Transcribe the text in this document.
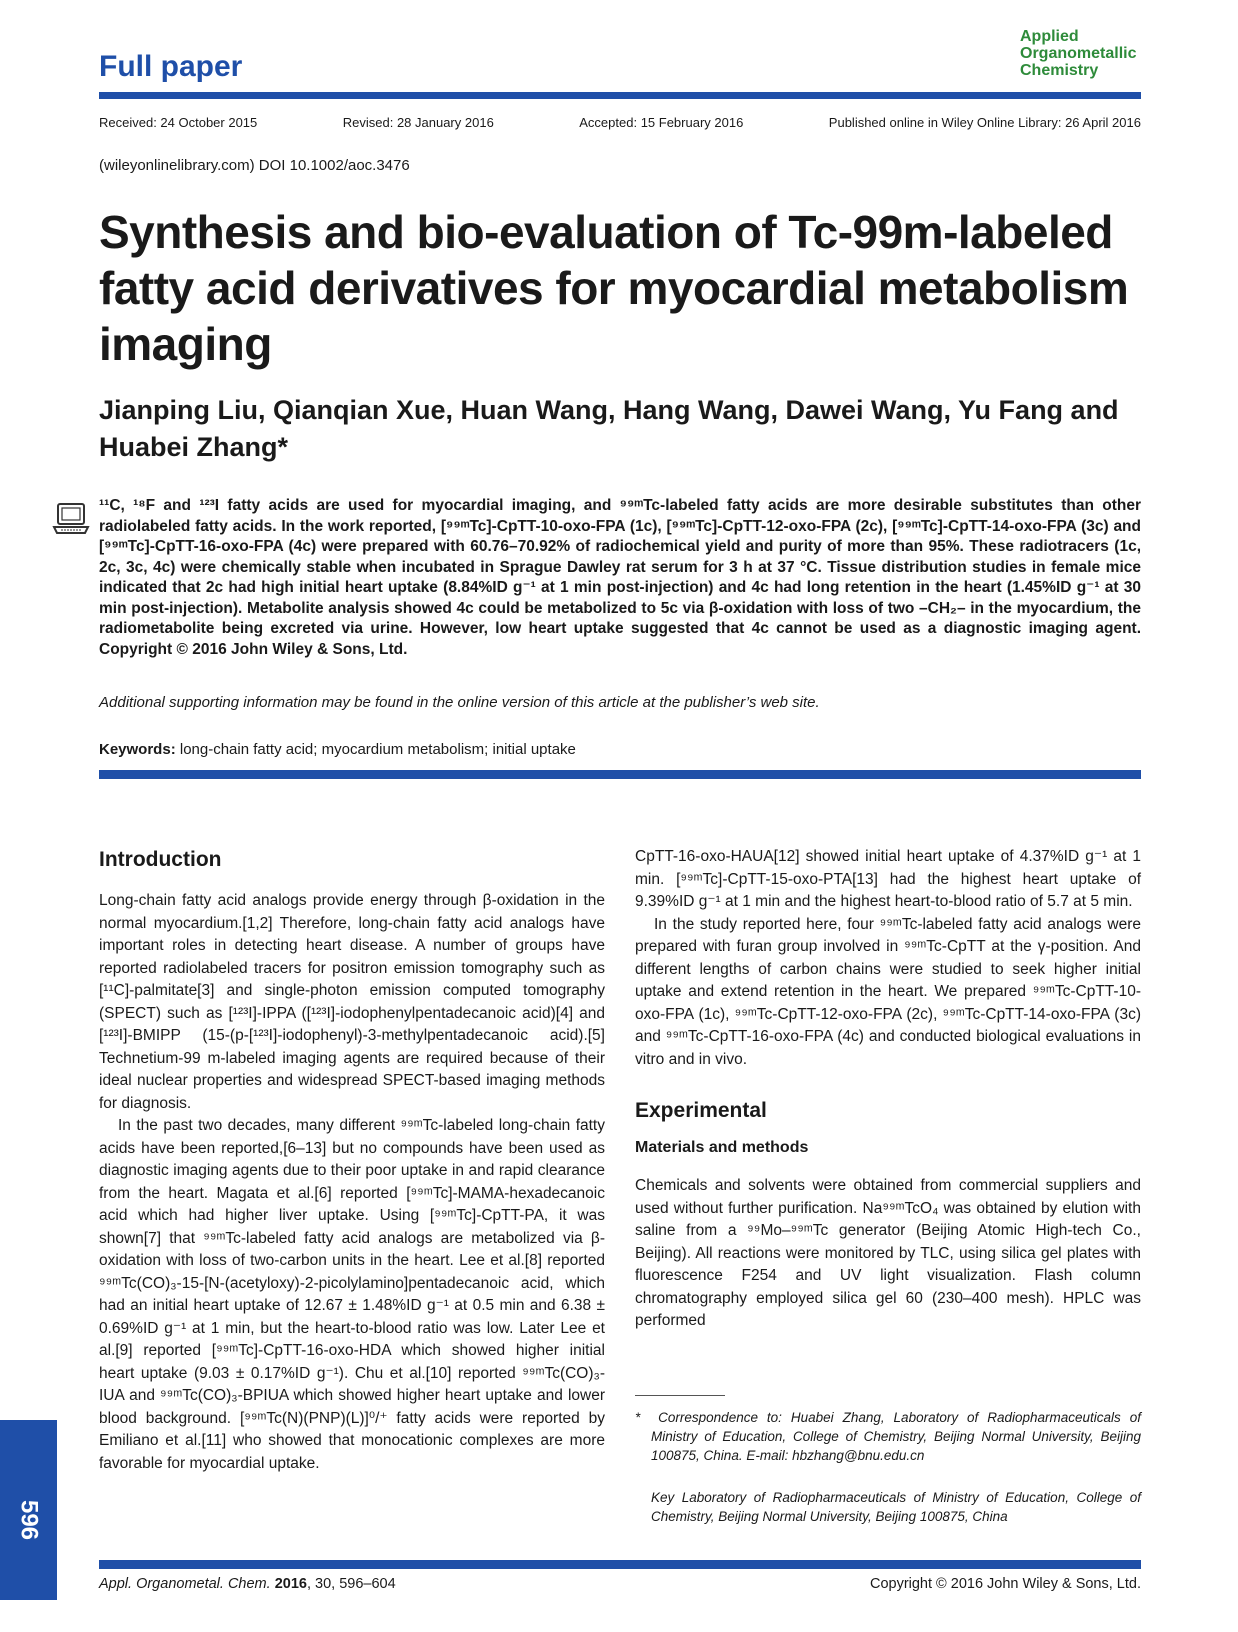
Full paper
Applied
Organometallic
Chemistry
Received: 24 October 2015	Revised: 28 January 2016	Accepted: 15 February 2016	Published online in Wiley Online Library: 26 April 2016
(wileyonlinelibrary.com) DOI 10.1002/aoc.3476
Synthesis and bio-evaluation of Tc-99m-labeled fatty acid derivatives for myocardial metabolism imaging
Jianping Liu, Qianqian Xue, Huan Wang, Hang Wang, Dawei Wang, Yu Fang and Huabei Zhang*
¹¹C, ¹⁸F and ¹²³I fatty acids are used for myocardial imaging, and ⁹⁹ᵐTc-labeled fatty acids are more desirable substitutes than other radiolabeled fatty acids. In the work reported, [⁹⁹ᵐTc]-CpTT-10-oxo-FPA (1c), [⁹⁹ᵐTc]-CpTT-12-oxo-FPA (2c), [⁹⁹ᵐTc]-CpTT-14-oxo-FPA (3c) and [⁹⁹ᵐTc]-CpTT-16-oxo-FPA (4c) were prepared with 60.76–70.92% of radiochemical yield and purity of more than 95%. These radiotracers (1c, 2c, 3c, 4c) were chemically stable when incubated in Sprague Dawley rat serum for 3 h at 37 °C. Tissue distribution studies in female mice indicated that 2c had high initial heart uptake (8.84%ID g⁻¹ at 1 min post-injection) and 4c had long retention in the heart (1.45%ID g⁻¹ at 30 min post-injection). Metabolite analysis showed 4c could be metabolized to 5c via β-oxidation with loss of two –CH₂– in the myocardium, the radiometabolite being excreted via urine. However, low heart uptake suggested that 4c cannot be used as a diagnostic imaging agent. Copyright © 2016 John Wiley & Sons, Ltd.
Additional supporting information may be found in the online version of this article at the publisher’s web site.
Keywords: long-chain fatty acid; myocardium metabolism; initial uptake
Introduction

Long-chain fatty acid analogs provide energy through β-oxidation in the normal myocardium.[1,2] Therefore, long-chain fatty acid analogs have important roles in detecting heart disease. A number of groups have reported radiolabeled tracers for positron emission tomography such as [¹¹C]-palmitate[3] and single-photon emission computed tomography (SPECT) such as [¹²³I]-IPPA ([¹²³I]-iodophenylpentadecanoic acid)[4] and [¹²³I]-BMIPP (15-(p-[¹²³I]-iodophenyl)-3-methylpentadecanoic acid).[5] Technetium-99 m-labeled imaging agents are required because of their ideal nuclear properties and widespread SPECT-based imaging methods for diagnosis.

In the past two decades, many different ⁹⁹ᵐTc-labeled long-chain fatty acids have been reported,[6–13] but no compounds have been used as diagnostic imaging agents due to their poor uptake in and rapid clearance from the heart. Magata et al.[6] reported [⁹⁹ᵐTc]-MAMA-hexadecanoic acid which had higher liver uptake. Using [⁹⁹ᵐTc]-CpTT-PA, it was shown[7] that ⁹⁹ᵐTc-labeled fatty acid analogs are metabolized via β-oxidation with loss of two-carbon units in the heart. Lee et al.[8] reported ⁹⁹ᵐTc(CO)₃-15-[N-(acetyloxy)-2-picolylamino]pentadecanoic acid, which had an initial heart uptake of 12.67 ± 1.48%ID g⁻¹ at 0.5 min and 6.38 ± 0.69%ID g⁻¹ at 1 min, but the heart-to-blood ratio was low. Later Lee et al.[9] reported [⁹⁹ᵐTc]-CpTT-16-oxo-HDA which showed higher initial heart uptake (9.03 ± 0.17%ID g⁻¹). Chu et al.[10] reported ⁹⁹ᵐTc(CO)₃-IUA and ⁹⁹ᵐTc(CO)₃-BPIUA which showed higher heart uptake and lower blood background. [⁹⁹ᵐTc(N)(PNP)(L)]⁰/⁺ fatty acids were reported by Emiliano et al.[11] who showed that monocationic complexes are more favorable for myocardial uptake.

CpTT-16-oxo-HAUA[12] showed initial heart uptake of 4.37%ID g⁻¹ at 1 min. [⁹⁹ᵐTc]-CpTT-15-oxo-PTA[13] had the highest heart uptake of 9.39%ID g⁻¹ at 1 min and the highest heart-to-blood ratio of 5.7 at 5 min.

In the study reported here, four ⁹⁹ᵐTc-labeled fatty acid analogs were prepared with furan group involved in ⁹⁹ᵐTc-CpTT at the γ-position. And different lengths of carbon chains were studied to seek higher initial uptake and extend retention in the heart. We prepared ⁹⁹ᵐTc-CpTT-10-oxo-FPA (1c), ⁹⁹ᵐTc-CpTT-12-oxo-FPA (2c), ⁹⁹ᵐTc-CpTT-14-oxo-FPA (3c) and ⁹⁹ᵐTc-CpTT-16-oxo-FPA (4c) and conducted biological evaluations in vitro and in vivo.

Experimental
Materials and methods

Chemicals and solvents were obtained from commercial suppliers and used without further purification. Na⁹⁹ᵐTcO₄ was obtained by elution with saline from a ⁹⁹Mo–⁹⁹ᵐTc generator (Beijing Atomic High-tech Co., Beijing). All reactions were monitored by TLC, using silica gel plates with fluorescence F254 and UV light visualization. Flash column chromatography employed silica gel 60 (230–400 mesh). HPLC was performed

* Correspondence to: Huabei Zhang, Laboratory of Radiopharmaceuticals of Ministry of Education, College of Chemistry, Beijing Normal University, Beijing 100875, China. E-mail: hbzhang@bnu.edu.cn
Key Laboratory of Radiopharmaceuticals of Ministry of Education, College of Chemistry, Beijing Normal University, Beijing 100875, China
596
Appl. Organometal. Chem. 2016, 30, 596–604	Copyright © 2016 John Wiley & Sons, Ltd.
